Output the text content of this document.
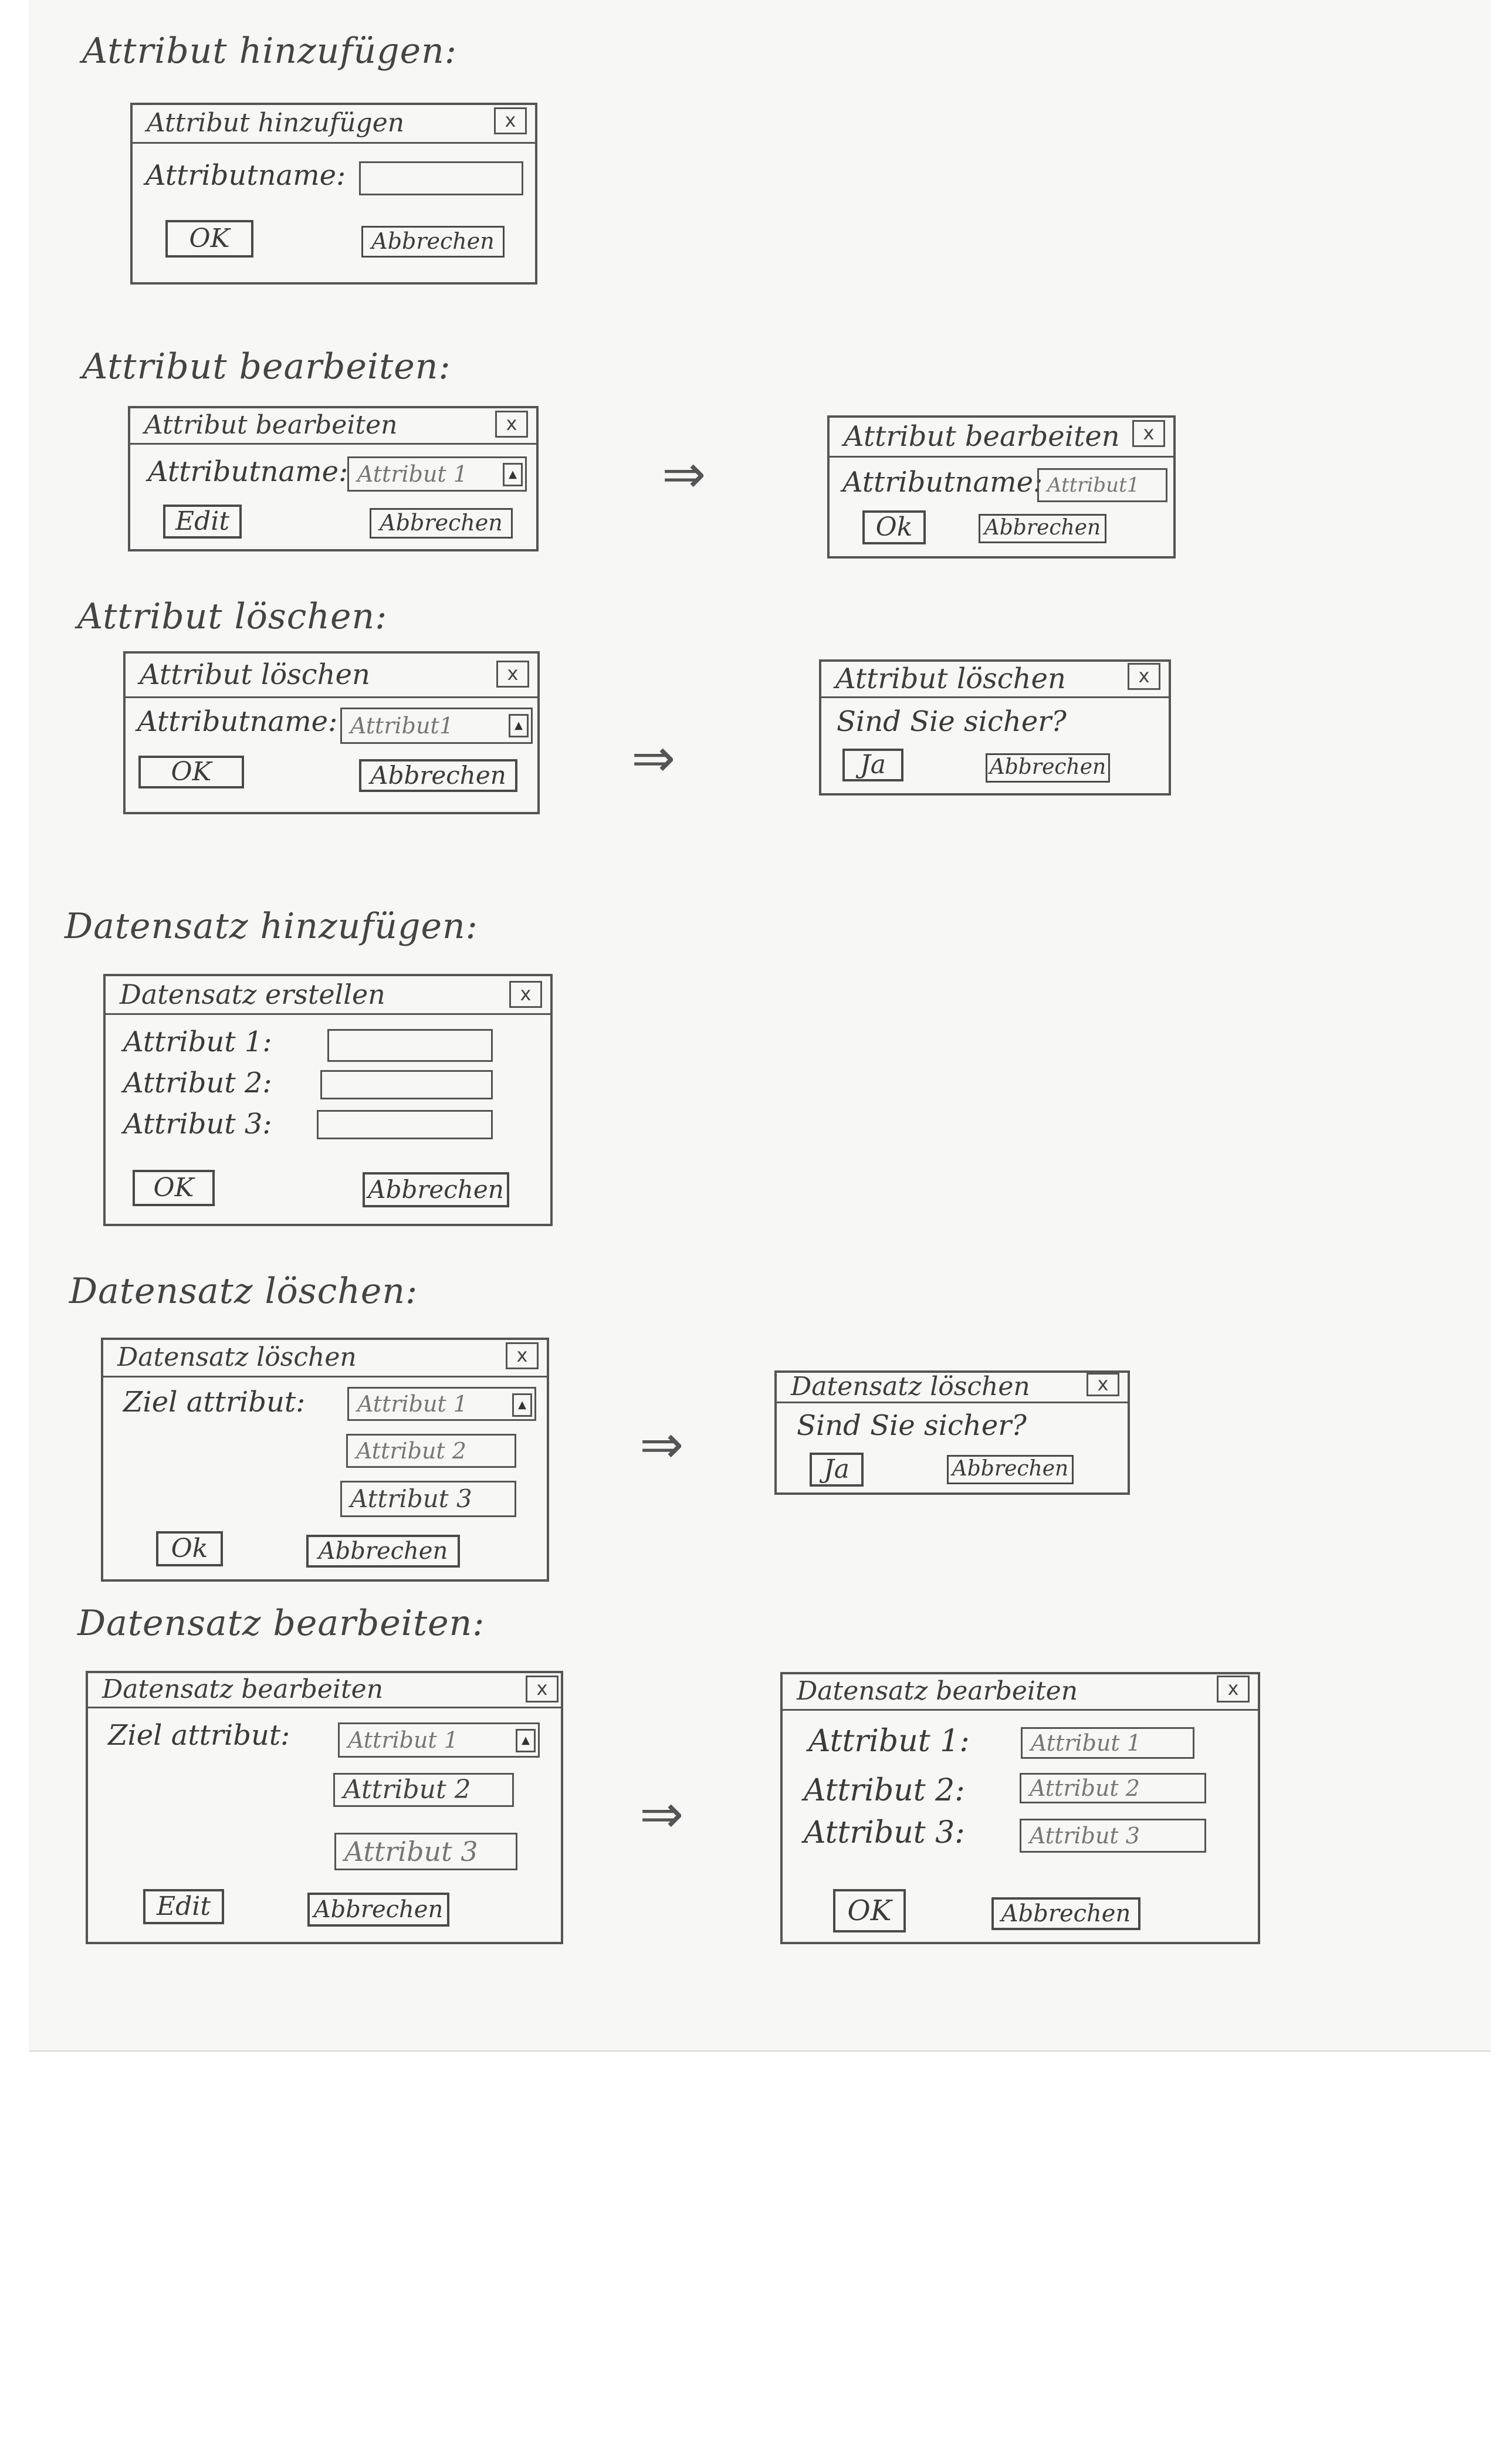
Attribut hinzufügen:
Attribut hinzufügen	x
Attributname:
OK	Abbrechen
Attribut bearbeiten:
Attribut bearbeiten	x
Attributname: Attribut 1	▲
Edit	Abbrechen
⇒
Attribut bearbeiten	x
Attributname: Attribut1
Ok	Abbrechen
Attribut löschen:
Attribut löschen	x
Attributname: Attribut1	▲
OK	Abbrechen ⇒
Attribut löschen	x
Sind Sie sicher?
Ja	Abbrechen
Datensatz hinzufügen:
Datensatz erstellen	x
Attribut 1:
Attribut 2:
Attribut 3:
OK	Abbrechen
Datensatz löschen:
Datensatz löschen	x
Ziel attribut:	Attribut 1	▲
Attribut 2
Attribut 3
Ok	Abbrechen
⇒
Datensatz löschen	x
Sind Sie sicher?
Ja	Abbrechen
Datensatz bearbeiten:
Datensatz bearbeiten	x
Ziel attribut:	Attribut 1	▲
Attribut 2
Attribut 3
Edit	Abbrechen
⇒
Datensatz bearbeiten	x
Attribut 1:	Attribut 1
Attribut 2:	Attribut 2
Attribut 3:	Attribut 3
OK	Abbrechen
